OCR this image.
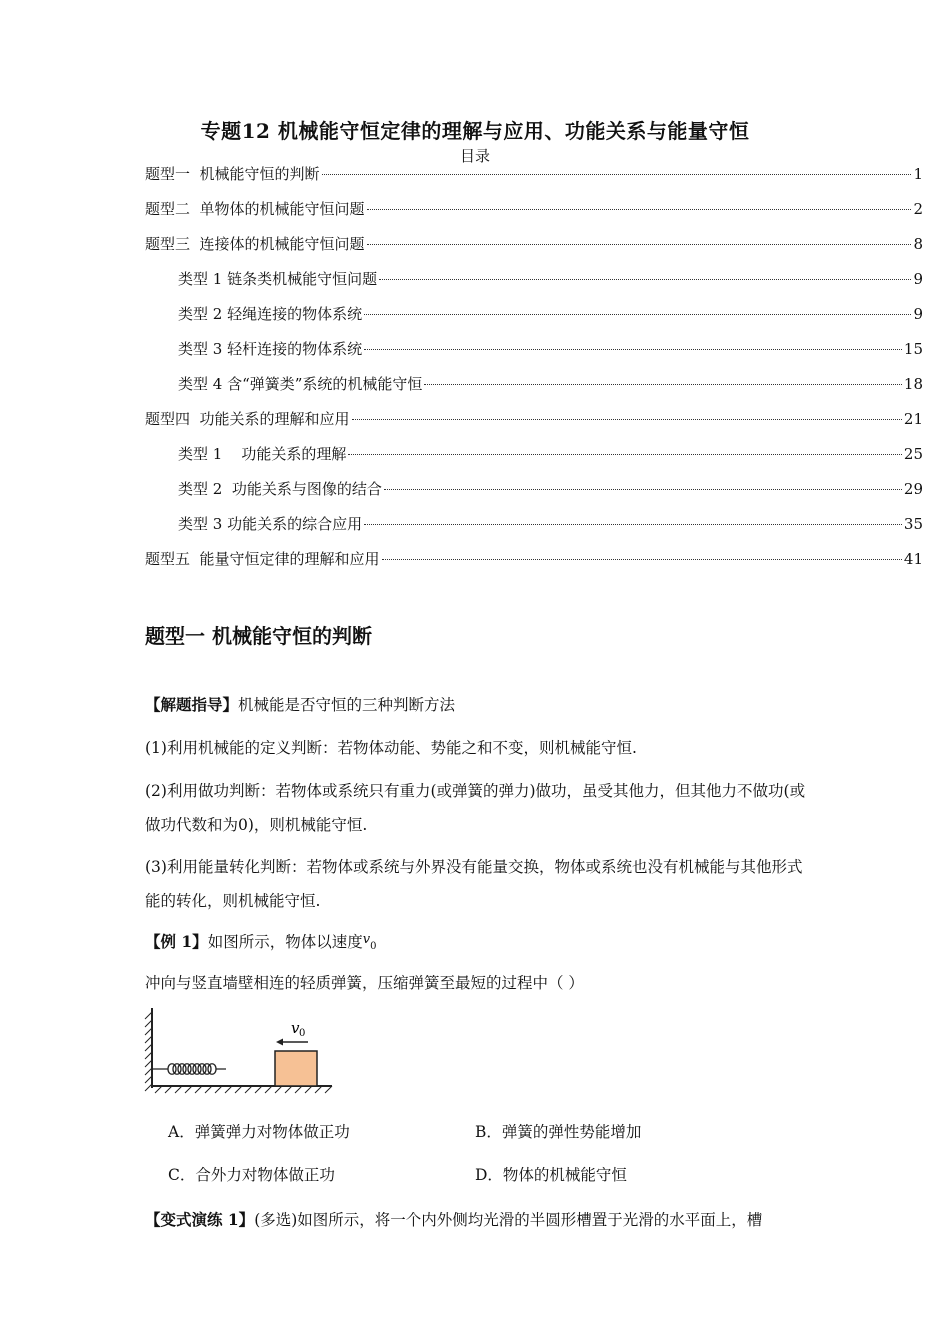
专题12 机械能守恒定律的理解与应用、功能关系与能量守恒
目录
题型一  机械能守恒的判断	1
题型二  单物体的机械能守恒问题	2
题型三  连接体的机械能守恒问题	8
类型 1 链条类机械能守恒问题	9
类型 2 轻绳连接的物体系统	9
类型 3 轻杆连接的物体系统	15
类型 4 含“弹簧类”系统的机械能守恒	18
题型四  功能关系的理解和应用	21
类型 1    功能关系的理解	25
类型 2  功能关系与图像的结合	29
类型 3 功能关系的综合应用	35
题型五  能量守恒定律的理解和应用	41
题型一 机械能守恒的判断
【解题指导】机械能是否守恒的三种判断方法
(1)利用机械能的定义判断：若物体动能、势能之和不变，则机械能守恒.
(2)利用做功判断：若物体或系统只有重力(或弹簧的弹力)做功，虽受其他力，但其他力不做功(或做功代数和为0)，则机械能守恒.
(3)利用能量转化判断：若物体或系统与外界没有能量交换，物体或系统也没有机械能与其他形式能的转化，则机械能守恒.
【例 1】如图所示，物体以速度$^v_0$冲向与竖直墙壁相连的轻质弹簧，压缩弹簧至最短的过程中（ ）
v 0
A．弹簧弹力对物体做正功	B．弹簧的弹性势能增加
C．合外力对物体做正功	D．物体的机械能守恒
【变式演练 1】(多选)如图所示，将一个内外侧均光滑的半圆形槽置于光滑的水平面上，槽
